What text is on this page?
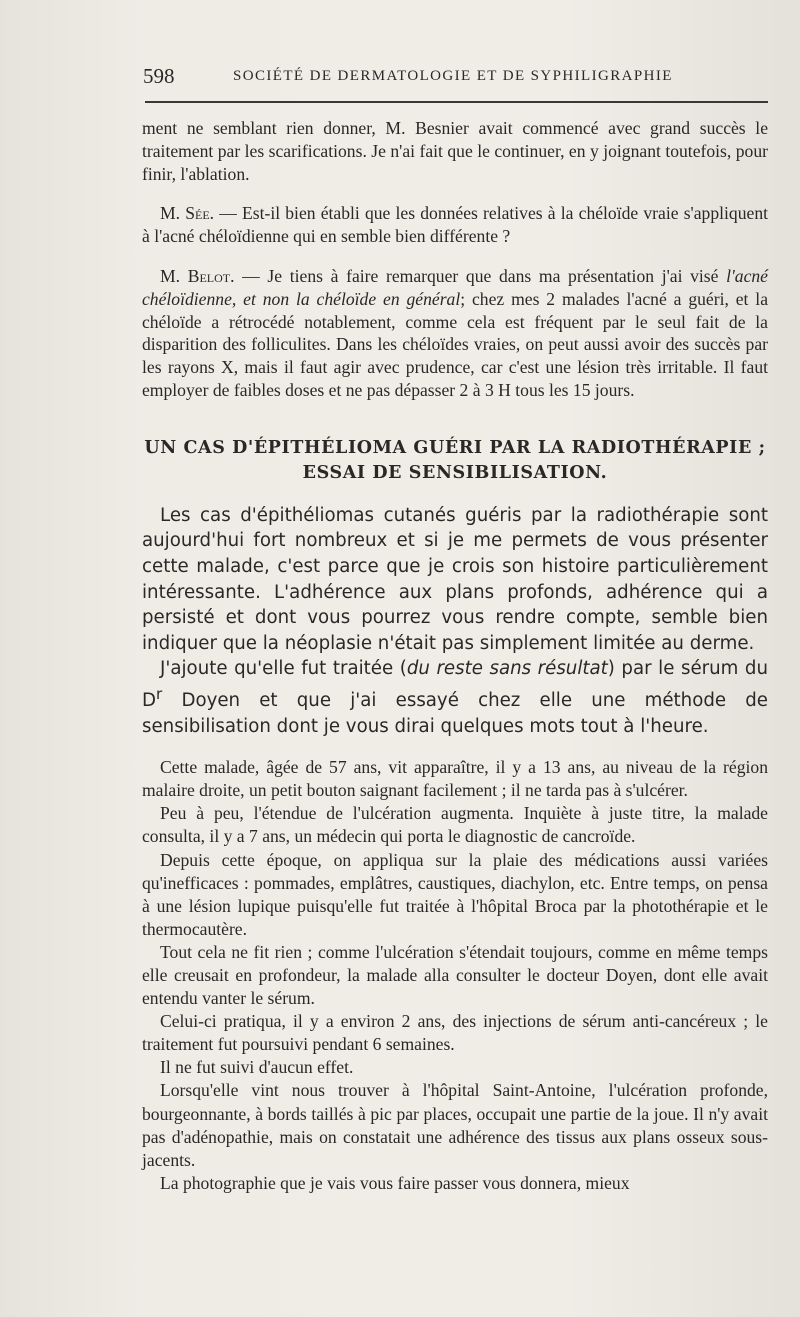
598	SOCIÉTÉ DE DERMATOLOGIE ET DE SYPHILIGRAPHIE

ment ne semblant rien donner, M. Besnier avait commencé avec grand succès le traitement par les scarifications. Je n'ai fait que le continuer, en y joignant toutefois, pour finir, l'ablation.

M. Sée. — Est-il bien établi que les données relatives à la chéloïde vraie s'appliquent à l'acné chéloïdienne qui en semble bien différente ?

M. Belot. — Je tiens à faire remarquer que dans ma présentation j'ai visé l'acné chéloïdienne, et non la chéloïde en général; chez mes 2 malades l'acné a guéri, et la chéloïde a rétrocédé notablement, comme cela est fréquent par le seul fait de la disparition des folliculites. Dans les chéloïdes vraies, on peut aussi avoir des succès par les rayons X, mais il faut agir avec prudence, car c'est une lésion très irritable. Il faut employer de faibles doses et ne pas dépasser 2 à 3 H tous les 15 jours.

UN CAS D'ÉPITHÉLIOMA GUÉRI PAR LA RADIOTHÉRAPIE ;
ESSAI DE SENSIBILISATION.

Les cas d'épithéliomas cutanés guéris par la radiothérapie sont aujourd'hui fort nombreux et si je me permets de vous présenter cette malade, c'est parce que je crois son histoire particulièrement intéressante. L'adhérence aux plans profonds, adhérence qui a persisté et dont vous pourrez vous rendre compte, semble bien indiquer que la néoplasie n'était pas simplement limitée au derme.

J'ajoute qu'elle fut traitée (du reste sans résultat) par le sérum du $D^r$ Doyen et que j'ai essayé chez elle une méthode de sensibilisation dont je vous dirai quelques mots tout à l'heure.

Cette malade, âgée de 57 ans, vit apparaître, il y a 13 ans, au niveau de la région malaire droite, un petit bouton saignant facilement ; il ne tarda pas à s'ulcérer.

Peu à peu, l'étendue de l'ulcération augmenta. Inquiète à juste titre, la malade consulta, il y a 7 ans, un médecin qui porta le diagnostic de cancroïde.

Depuis cette époque, on appliqua sur la plaie des médications aussi variées qu'inefficaces : pommades, emplâtres, caustiques, diachylon, etc. Entre temps, on pensa à une lésion lupique puisqu'elle fut traitée à l'hôpital Broca par la photothérapie et le thermocautère.

Tout cela ne fit rien ; comme l'ulcération s'étendait toujours, comme en même temps elle creusait en profondeur, la malade alla consulter le docteur Doyen, dont elle avait entendu vanter le sérum.

Celui-ci pratiqua, il y a environ 2 ans, des injections de sérum anti-cancéreux ; le traitement fut poursuivi pendant 6 semaines.

Il ne fut suivi d'aucun effet.

Lorsqu'elle vint nous trouver à l'hôpital Saint-Antoine, l'ulcération profonde, bourgeonnante, à bords taillés à pic par places, occupait une partie de la joue. Il n'y avait pas d'adénopathie, mais on constatait une adhérence des tissus aux plans osseux sous-jacents.

La photographie que je vais vous faire passer vous donnera, mieux
